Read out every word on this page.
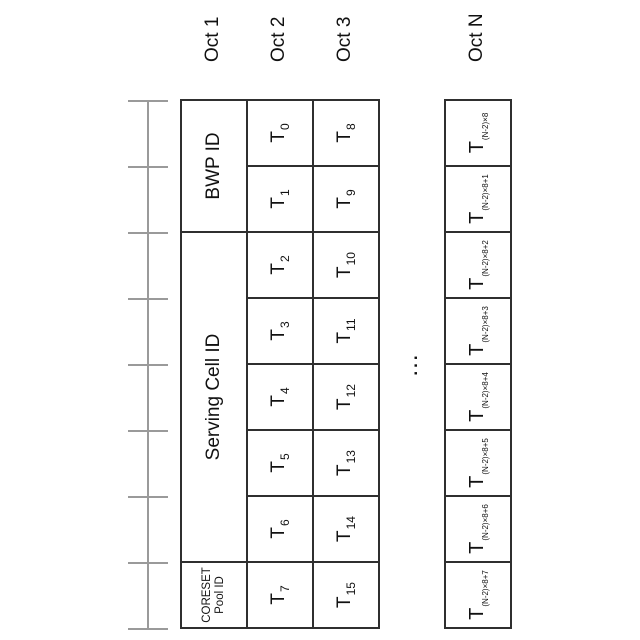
Oct 1 Oct 2 Oct 3	Oct N
CORESET Pool ID
Serving Cell ID
BWP ID
$T_7$
$T_6$
$T_5$
$T_4$
$T_3$
$T_2$
$T_1$
$T_0$
$T_{15}$
$T_{14}$
$T_{13}$
$T_{12}$
$T_{11}$
$T_{10}$
$T_9$
$T_8$
...
$T_{(N-2)\times 8+7}$
$T_{(N-2)\times 8+6}$
$T_{(N-2)\times 8+5}$
$T_{(N-2)\times 8+4}$
$T_{(N-2)\times 8+3}$
$T_{(N-2)\times 8+2}$
$T_{(N-2)\times 8+1}$
$T_{(N-2)\times 8}$
